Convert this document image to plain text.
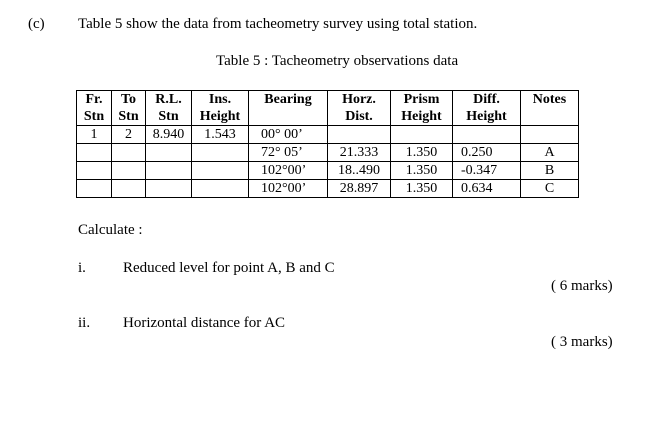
(c) Table 5 show the data from tacheometry survey using total station.
Table 5 : Tacheometry observations data
Fr.	To	R.L.	Ins.	Bearing	Horz.	Prism	Diff.	Notes
Stn	Stn	Stn	Height		Dist.	Height	Height	
1	2	8.940	1.543	00° 00’				
				72° 05’	21.333	1.350	0.250	A
				102°00’	18..490	1.350	-0.347	B
				102°00’	28.897	1.350	0.634	C
Calculate :
i. Reduced level for point A, B and C
( 6 marks)
ii. Horizontal distance for AC
( 3 marks)
